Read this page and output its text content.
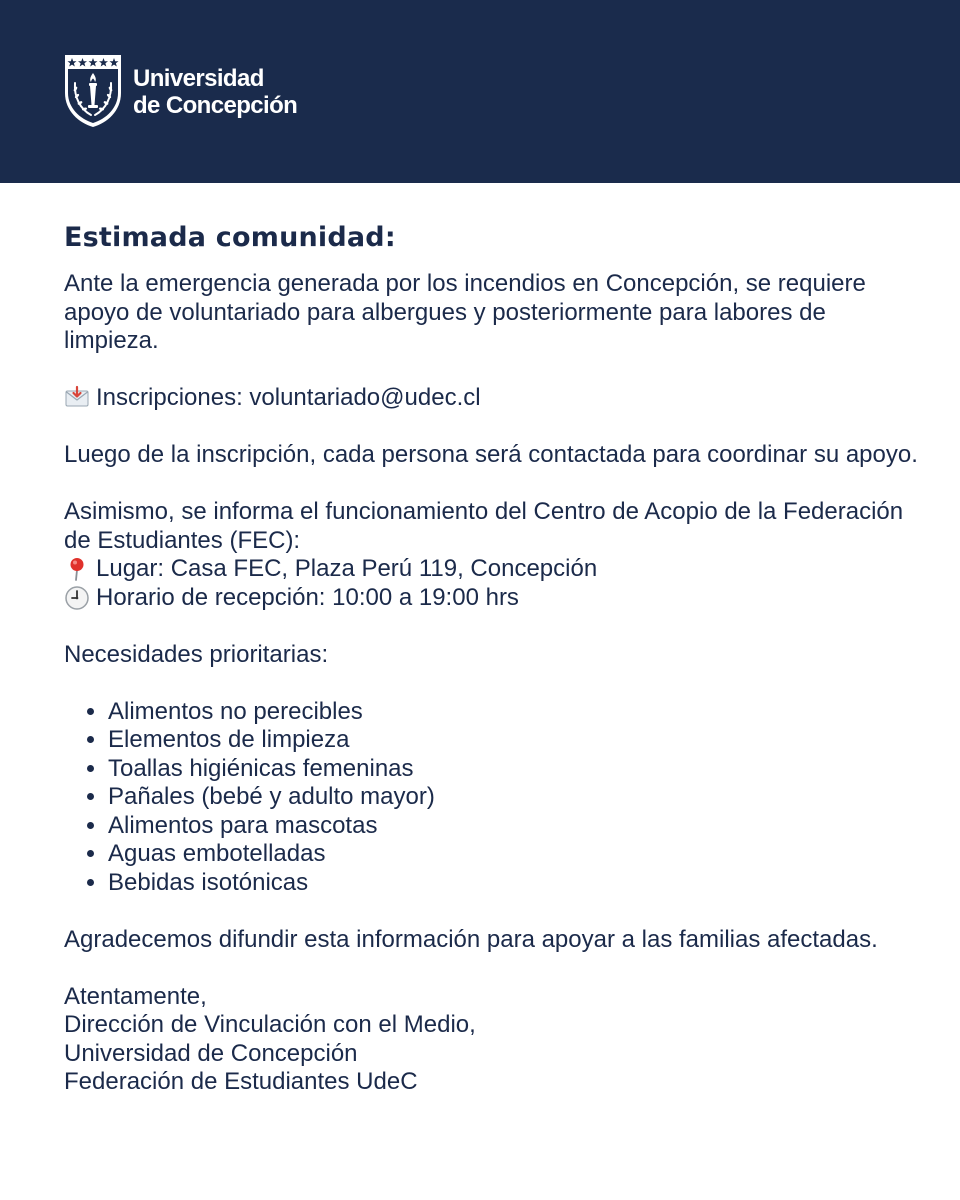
Universidad
de Concepción
Estimada comunidad:

Ante la emergencia generada por los incendios en Concepción, se requiere apoyo de voluntariado para albergues y posteriormente para labores de limpieza.

Inscripciones: voluntariado@udec.cl

Luego de la inscripción, cada persona será contactada para coordinar su apoyo.

Asimismo, se informa el funcionamiento del Centro de Acopio de la Federación de Estudiantes (FEC):

Lugar: Casa FEC, Plaza Perú 119, Concepción
Horario de recepción: 10:00 a 19:00 hrs

Necesidades prioritarias:

• Alimentos no perecibles
• Elementos de limpieza
• Toallas higiénicas femeninas
• Pañales (bebé y adulto mayor)
• Alimentos para mascotas
• Aguas embotelladas
• Bebidas isotónicas

Agradecemos difundir esta información para apoyar a las familias afectadas.

Atentamente,

Dirección de Vinculación con el Medio,

Universidad de Concepción

Federación de Estudiantes UdeC
